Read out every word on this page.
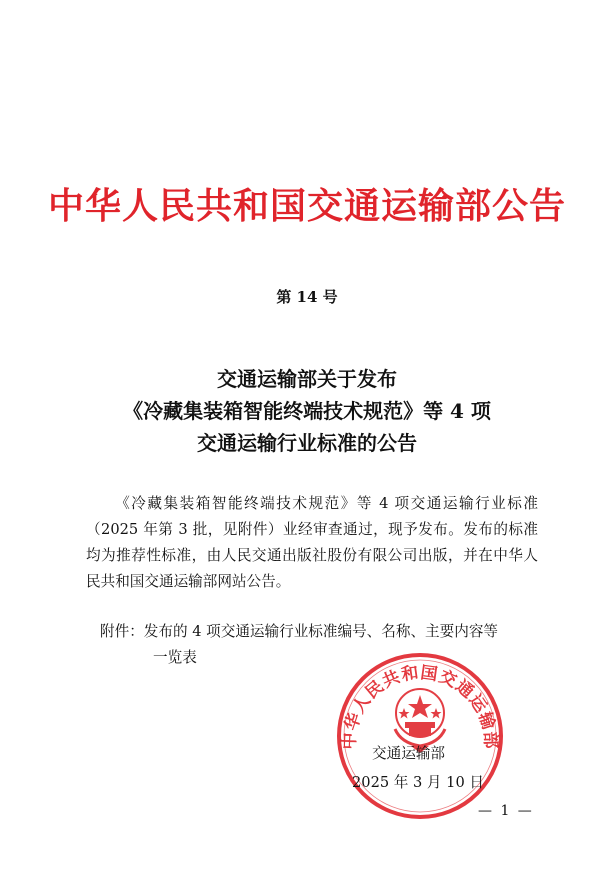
中华人民共和国交通运输部公告
第 14 号
交通运输部关于发布
《冷藏集装箱智能终端技术规范》等 4 项
交通运输行业标准的公告

《冷藏集装箱智能终端技术规范》等 4 项交通运输行业标准（2025 年第 3 批，见附件）业经审查通过，现予发布。发布的标准均为推荐性标准，由人民交通出版社股份有限公司出版，并在中华人民共和国交通运输部网站公告。

附件：发布的 4 项交通运输行业标准编号、名称、主要内容等
一览表
中华人民共和国交通运输部
交通运输部
2025 年 3 月 10 日
— 1 —
